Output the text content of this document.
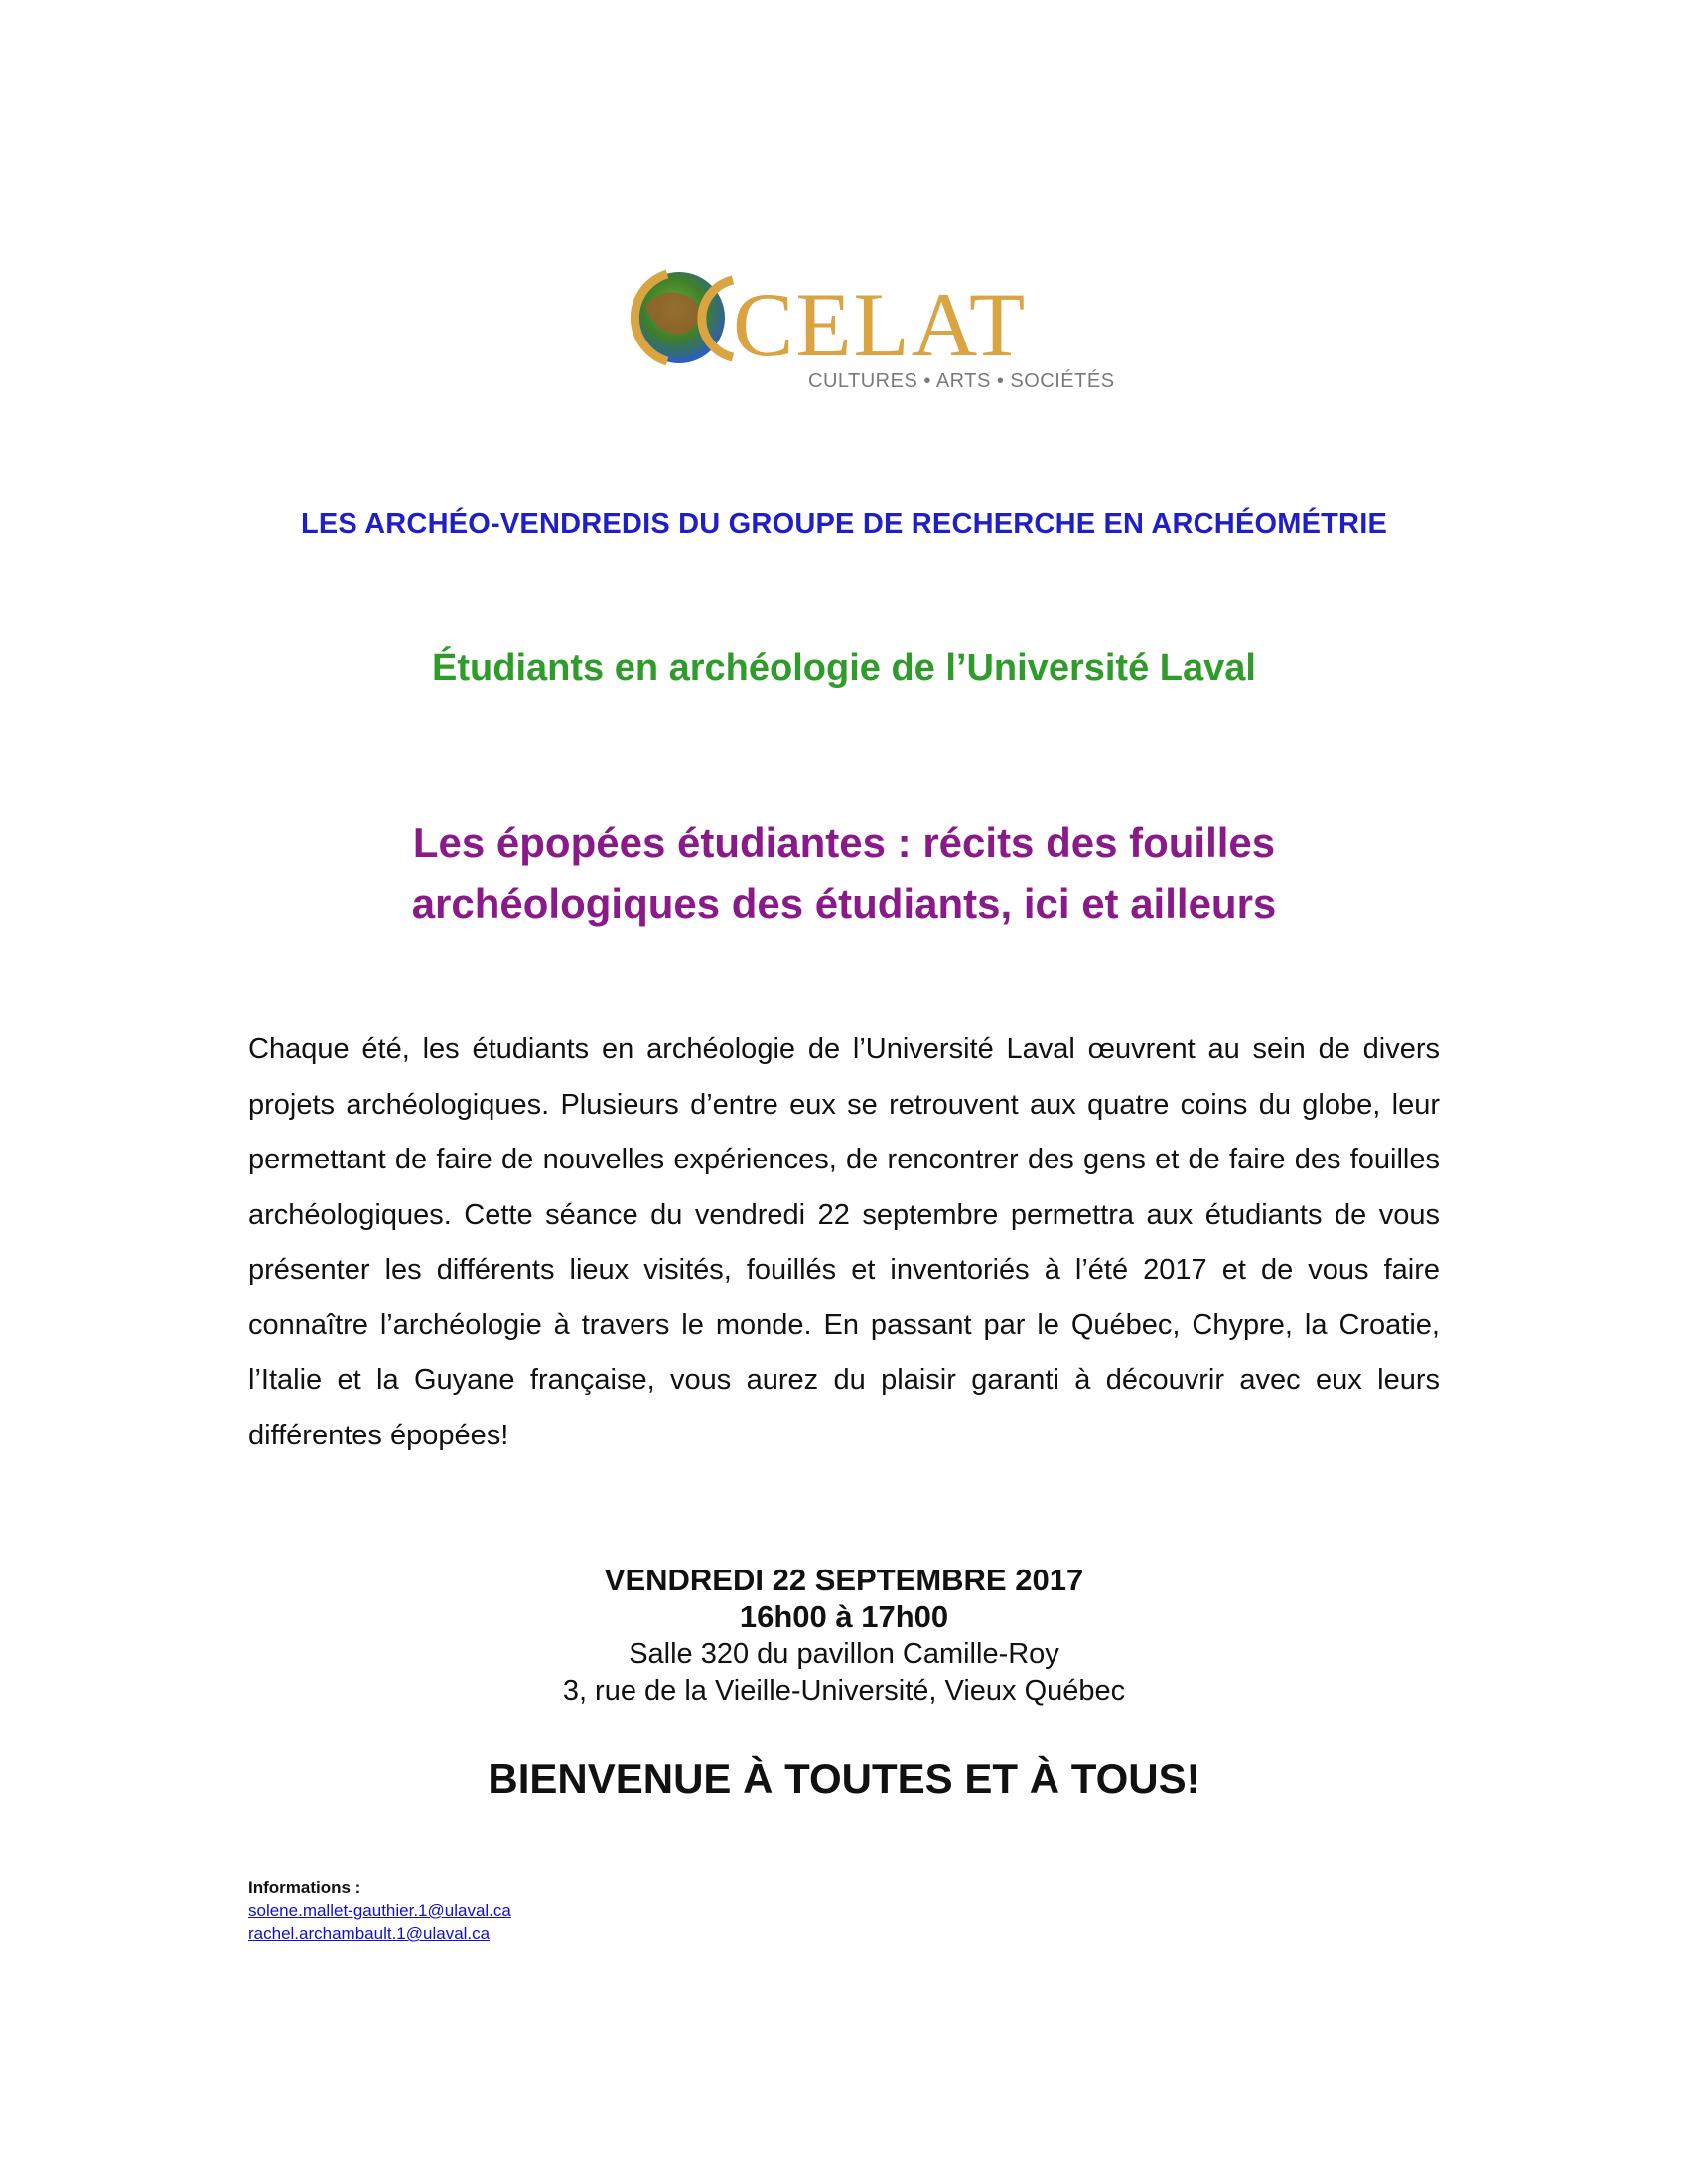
CELAT
CULTURES • ARTS • SOCIÉTÉS
LES ARCHÉO-VENDREDIS DU GROUPE DE RECHERCHE EN ARCHÉOMÉTRIE
Étudiants en archéologie de l’Université Laval
Les épopées étudiantes : récits des fouilles
archéologiques des étudiants, ici et ailleurs
Chaque été, les étudiants en archéologie de l’Université Laval œuvrent au sein de divers projets archéologiques. Plusieurs d’entre eux se retrouvent aux quatre coins du globe, leur permettant de faire de nouvelles expériences, de rencontrer des gens et de faire des fouilles archéologiques. Cette séance du vendredi 22 septembre permettra aux étudiants de vous présenter les différents lieux visités, fouillés et inventoriés à l’été 2017 et de vous faire connaître l’archéologie à travers le monde. En passant par le Québec, Chypre, la Croatie, l’Italie et la Guyane française, vous aurez du plaisir garanti à découvrir avec eux leurs différentes épopées!
VENDREDI 22 SEPTEMBRE 2017
16h00 à 17h00
Salle 320 du pavillon Camille-Roy
3, rue de la Vieille-Université, Vieux Québec
BIENVENUE À TOUTES ET À TOUS!
Informations :
solene.mallet-gauthier.1@ulaval.ca
rachel.archambault.1@ulaval.ca
